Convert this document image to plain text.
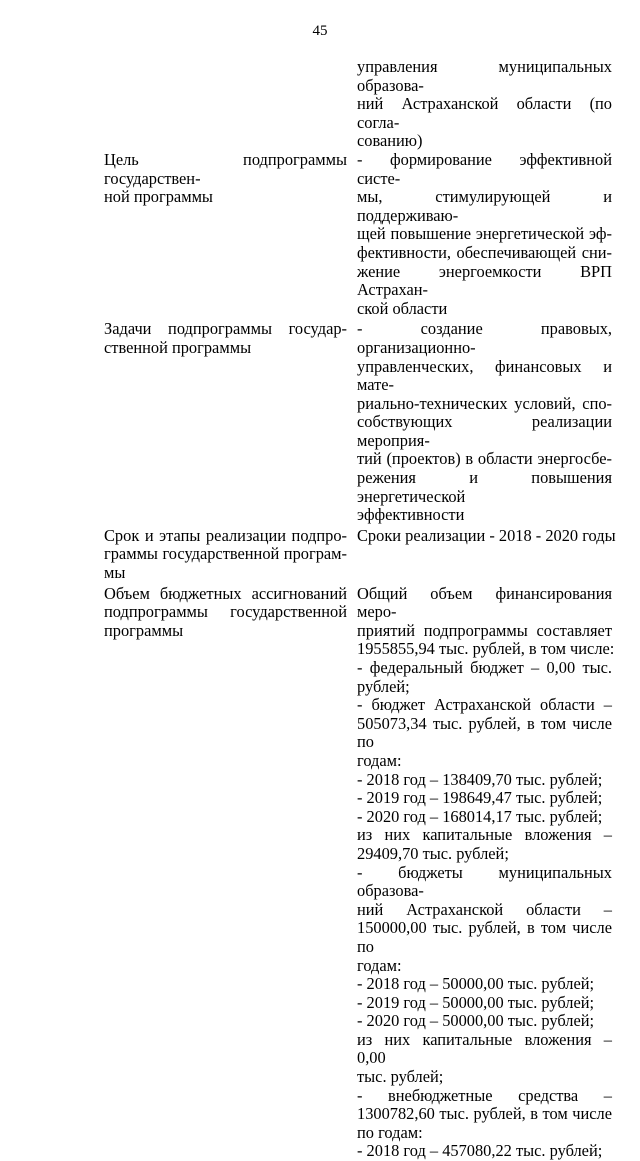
45
управления муниципальных образова-
ний Астраханской области (по согла-
сованию)
Цель подпрограммы государствен-
ной программы
- формирование эффективной систе-
мы, стимулирующей и поддерживаю-
щей повышение энергетической эф-
фективности, обеспечивающей сни-
жение энергоемкости ВРП Астрахан-
ской области
Задачи подпрограммы государ-
ственной программы
- создание правовых, организационно-
управленческих, финансовых и мате-
риально-технических условий, спо-
собствующих реализации мероприя-
тий (проектов) в области энергосбе-
режения и повышения энергетической
эффективности
Срок и этапы реализации подпро-
граммы государственной програм-
мы
Сроки реализации - 2018 - 2020 годы
Объем бюджетных ассигнований
подпрограммы государственной
программы
Общий объем финансирования меро-
приятий подпрограммы составляет
1955855,94 тыс. рублей, в том числе:
- федеральный бюджет – 0,00 тыс.
рублей;
- бюджет Астраханской области –
505073,34 тыс. рублей, в том числе по
годам:
- 2018 год – 138409,70 тыс. рублей;
- 2019 год – 198649,47 тыс. рублей;
- 2020 год – 168014,17 тыс. рублей;
из них капитальные вложения –
29409,70 тыс. рублей;
- бюджеты муниципальных образова-
ний Астраханской области –
150000,00 тыс. рублей, в том числе по
годам:
- 2018 год – 50000,00 тыс. рублей;
- 2019 год – 50000,00 тыс. рублей;
- 2020 год – 50000,00 тыс. рублей;
из них капитальные вложения – 0,00
тыс. рублей;
- внебюджетные средства –
1300782,60 тыс. рублей, в том числе
по годам:
- 2018 год – 457080,22 тыс. рублей;
